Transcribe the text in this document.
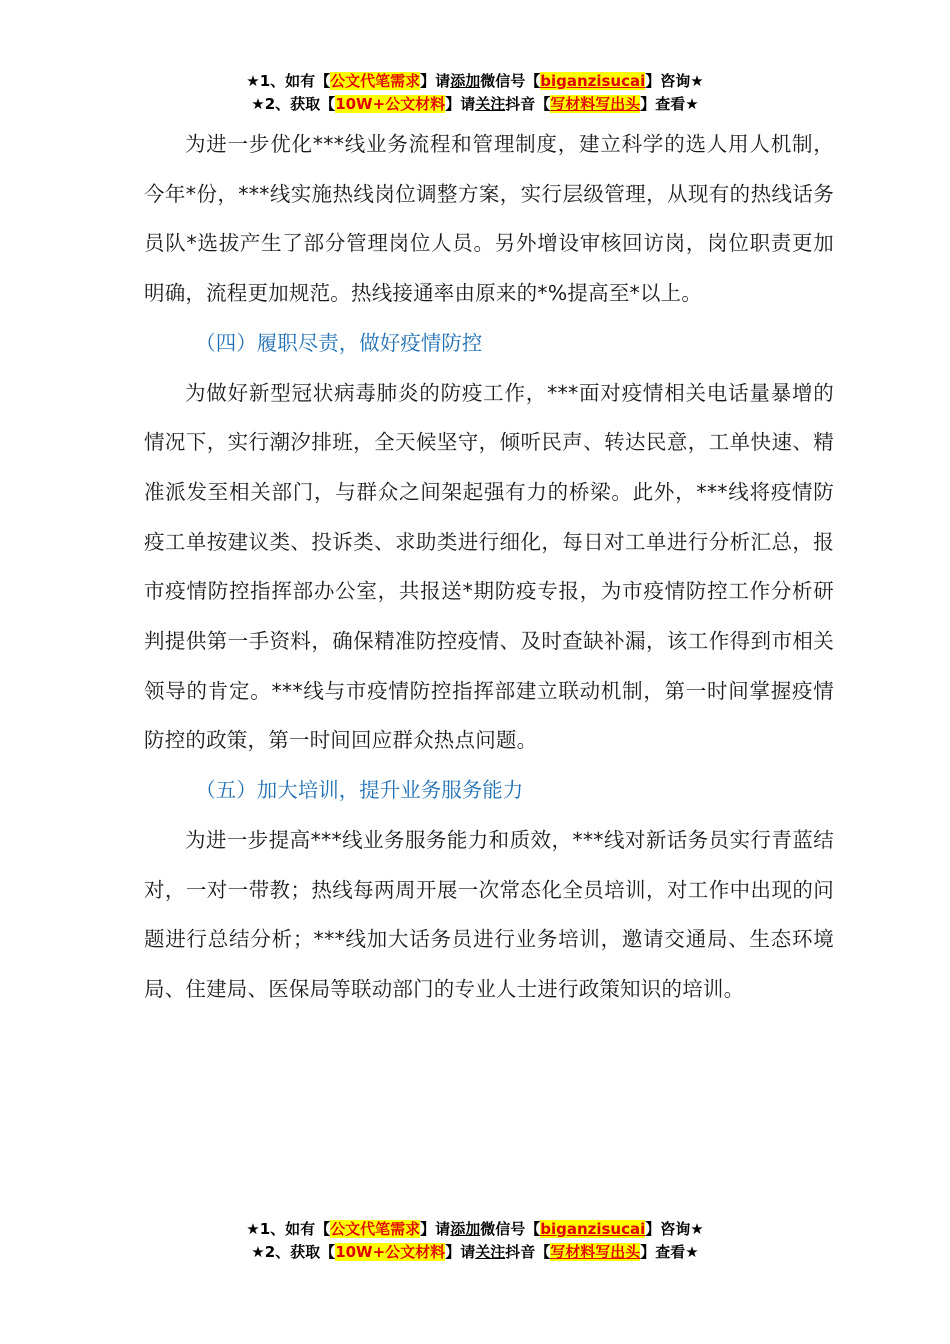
★1、如有【公文代笔需求】请添加微信号【biganzisucai】咨询★
★2、获取【10W+公文材料】请关注抖音【写材料写出头】查看★

为进一步优化***线业务流程和管理制度，建立科学的选人用人机制，今年*份，***线实施热线岗位调整方案，实行层级管理，从现有的热线话务员队*选拔产生了部分管理岗位人员。另外增设审核回访岗，岗位职责更加明确，流程更加规范。热线接通率由原来的*%提高至*以上。

（四）履职尽责，做好疫情防控

为做好新型冠状病毒肺炎的防疫工作，***面对疫情相关电话量暴增的情况下，实行潮汐排班，全天候坚守，倾听民声、转达民意，工单快速、精准派发至相关部门，与群众之间架起强有力的桥梁。此外，***线将疫情防疫工单按建议类、投诉类、求助类进行细化，每日对工单进行分析汇总，报市疫情防控指挥部办公室，共报送*期防疫专报，为市疫情防控工作分析研判提供第一手资料，确保精准防控疫情、及时查缺补漏，该工作得到市相关领导的肯定。***线与市疫情防控指挥部建立联动机制，第一时间掌握疫情防控的政策，第一时间回应群众热点问题。

（五）加大培训，提升业务服务能力

为进一步提高***线业务服务能力和质效，***线对新话务员实行青蓝结对，一对一带教；热线每两周开展一次常态化全员培训，对工作中出现的问题进行总结分析；***线加大话务员进行业务培训，邀请交通局、生态环境局、住建局、医保局等联动部门的专业人士进行政策知识的培训。

★1、如有【公文代笔需求】请添加微信号【biganzisucai】咨询★
★2、获取【10W+公文材料】请关注抖音【写材料写出头】查看★
